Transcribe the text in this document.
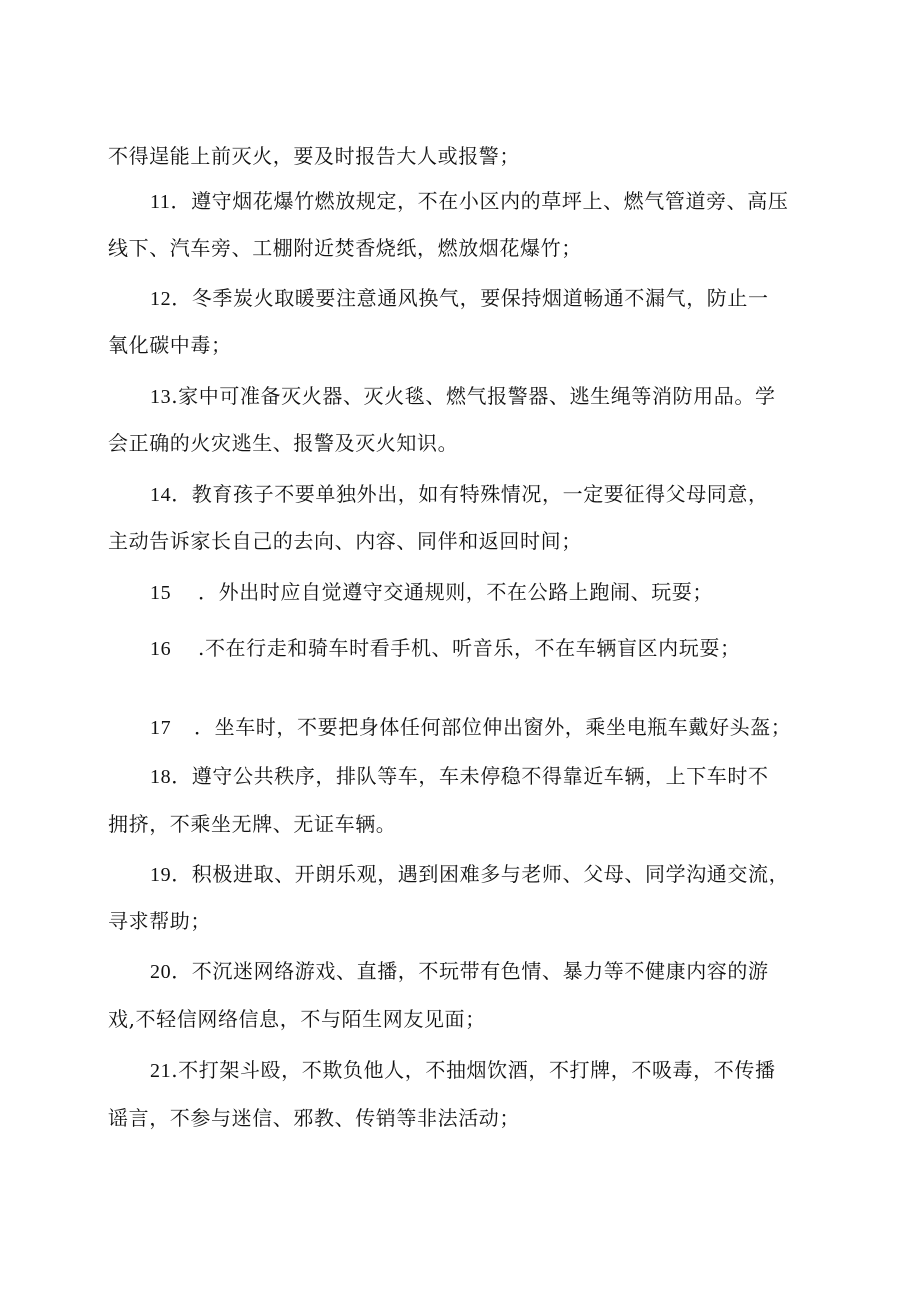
不得逞能上前灭火，要及时报告大人或报警；
11．遵守烟花爆竹燃放规定，不在小区内的草坪上、燃气管道旁、高压
线下、汽车旁、工棚附近焚香烧纸，燃放烟花爆竹；
12．冬季炭火取暖要注意通风换气，要保持烟道畅通不漏气，防止一
氧化碳中毒；
13.家中可准备灭火器、灭火毯、燃气报警器、逃生绳等消防用品。学
会正确的火灾逃生、报警及灭火知识。
14．教育孩子不要单独外出，如有特殊情况，一定要征得父母同意，
主动告诉家长自己的去向、内容、同伴和返回时间；
15 ．外出时应自觉遵守交通规则，不在公路上跑闹、玩耍；
16 .不在行走和骑车时看手机、听音乐，不在车辆盲区内玩耍；
17 ．坐车时，不要把身体任何部位伸出窗外，乘坐电瓶车戴好头盔；
18．遵守公共秩序，排队等车，车未停稳不得靠近车辆，上下车时不
拥挤，不乘坐无牌、无证车辆。
19．积极进取、开朗乐观，遇到困难多与老师、父母、同学沟通交流，
寻求帮助；
20．不沉迷网络游戏、直播，不玩带有色情、暴力等不健康内容的游
戏,不轻信网络信息，不与陌生网友见面；
21.不打架斗殴，不欺负他人，不抽烟饮酒，不打牌，不吸毒，不传播
谣言，不参与迷信、邪教、传销等非法活动；
